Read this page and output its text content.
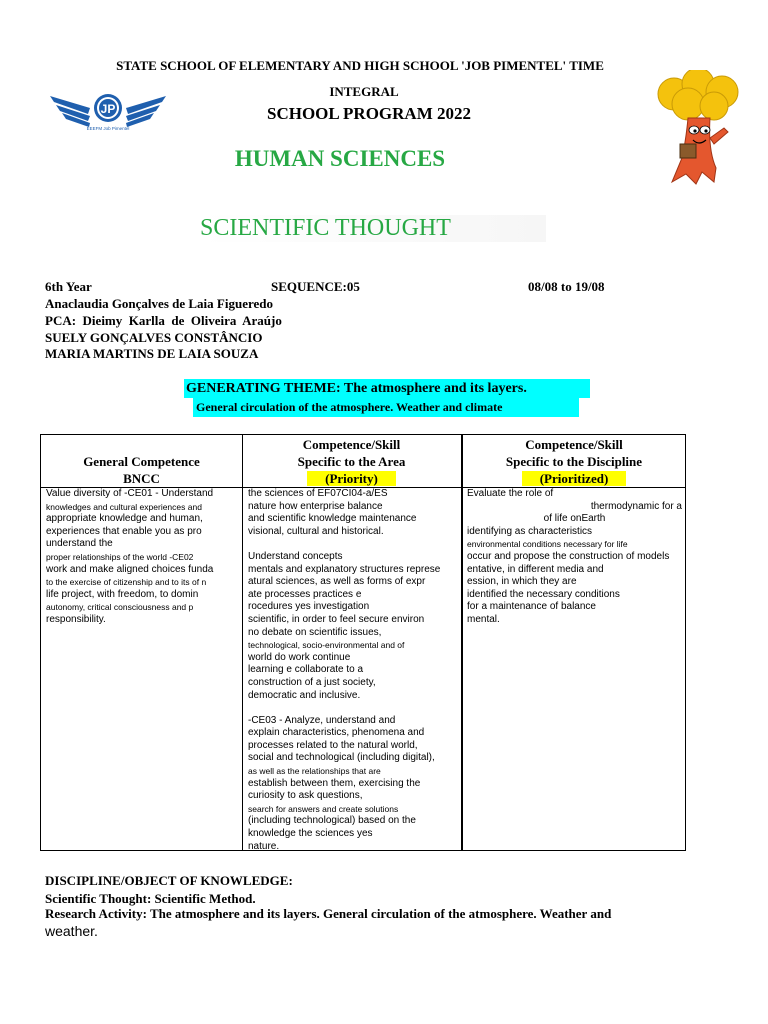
JP
EEEFM Job Pimentel
STATE SCHOOL OF ELEMENTARY AND HIGH SCHOOL 'JOB PIMENTEL' TIME
INTEGRAL
SCHOOL PROGRAM 2022
HUMAN SCIENCES
SCIENTIFIC THOUGHT
6th Year	SEQUENCE:05	08/08 to 19/08
Anaclaudia Gonçalves de Laia Figueredo
PCA:  Dieimy  Karlla  de  Oliveira  Araújo
SUELY GONÇALVES CONSTÂNCIO
MARIA MARTINS DE LAIA SOUZA
GENERATING THEME: The atmosphere and its layers.
General circulation of the atmosphere. Weather and climate
General Competence
BNCC
Competence/Skill
Specific to the Area
(Priority)
Competence/Skill
Specific to the Discipline
(Prioritized)

Value diversity of -CE01 - Understand

knowledges and cultural experiences and

appropriate knowledge and human,

experiences that enable you as pro

understand the

proper relationships of the world -CE02

work and make aligned choices funda

to the exercise of citizenship and to its of n

life project, with freedom, to domin

autonomy, critical consciousness and p

responsibility.

the sciences of EF07CI04-a/ES

nature how enterprise balance

and scientific knowledge maintenance

visional, cultural and historical.

Understand concepts

mentals and explanatory structures represe

atural sciences, as well as forms of expr

ate processes practices e

rocedures yes investigation

scientific, in order to feel secure environ

no debate on scientific issues,

technological, socio-environmental and of

world do work continue

learning e collaborate to a

construction of a just society,

democratic and inclusive.

-CE03 - Analyze, understand and

explain characteristics, phenomena and

processes related to the natural world,

social and technological (including digital),

as well as the relationships that are

establish between them, exercising the

curiosity to ask questions,

search for answers and create solutions

(including technological) based on the

knowledge the sciences yes

nature.

Evaluate the role of

thermodynamic for a

of life onEarth

identifying as characteristics

environmental conditions necessary for life

occur and propose the construction of models

entative, in different media and

ession, in which they are

identified the necessary conditions

for a maintenance of balance

mental.

DISCIPLINE/OBJECT OF KNOWLEDGE:
Scientific Thought: Scientific Method.
Research Activity: The atmosphere and its layers. General circulation of the atmosphere. Weather and
weather.
